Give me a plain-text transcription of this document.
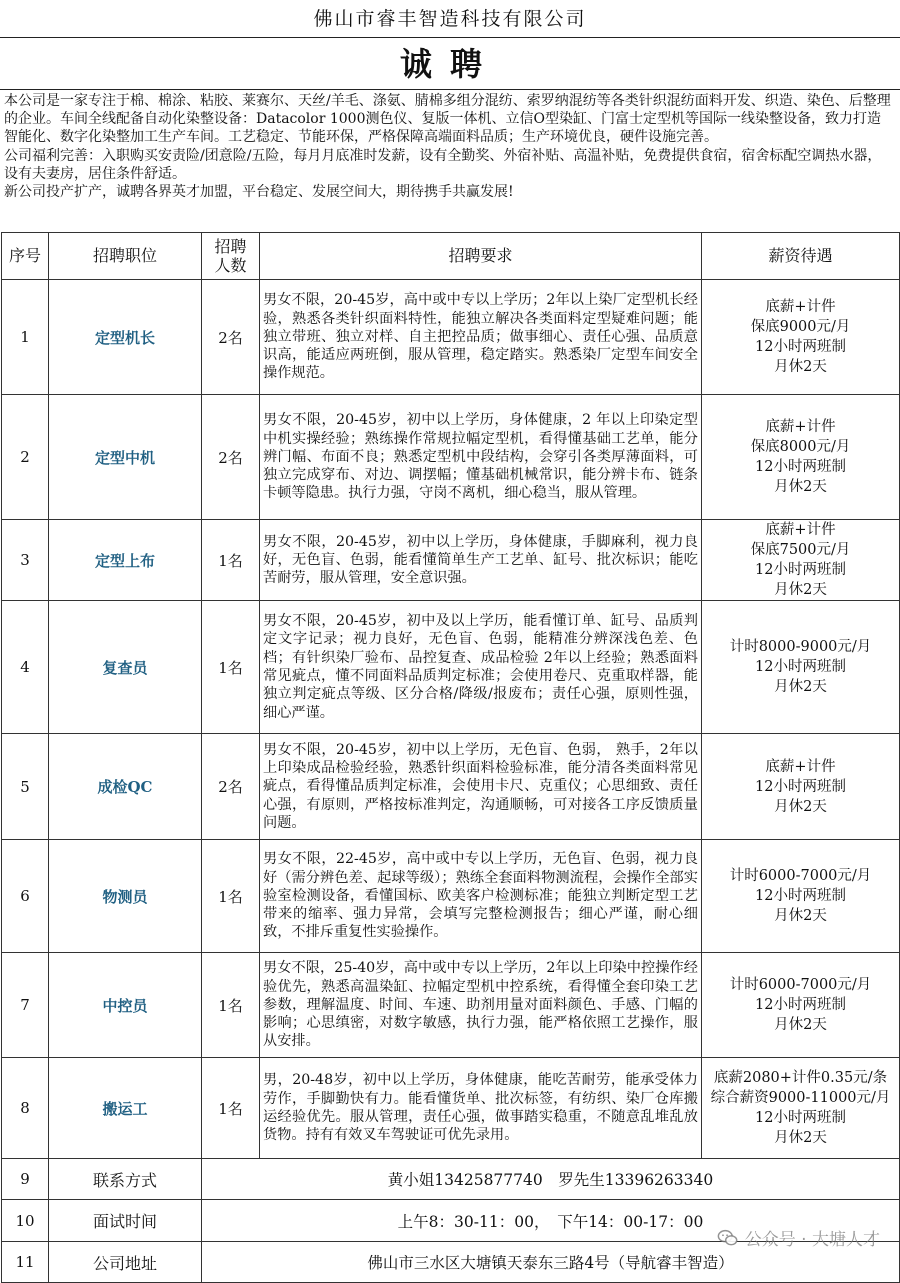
佛山市睿丰智造科技有限公司
诚聘

本公司是一家专注于棉、棉涂、粘胶、莱赛尔、天丝/羊毛、涤氨、腈棉多组分混纺、索罗纳混纺等各类针织混纺面料开发、织造、染色、后整理的企业。车间全线配备自动化染整设备：Datacolor 1000测色仪、复版一体机、立信O型染缸、门富士定型机等国际一线染整设备，致力打造智能化、数字化染整加工生产车间。工艺稳定、节能环保，严格保障高端面料品质；生产环境优良，硬件设施完善。

公司福利完善：入职购买安责险/团意险/五险，每月月底准时发薪，设有全勤奖、外宿补贴、高温补贴，免费提供食宿，宿舍标配空调热水器，设有夫妻房，居住条件舒适。

新公司投产扩产，诚聘各界英才加盟，平台稳定、发展空间大，期待携手共赢发展!

序号	招聘职位	招聘人数	招聘要求	薪资待遇
1	定型机长	2名	男女不限，20-45岁，高中或中专以上学历；2年以上染厂定型机长经验，熟悉各类针织面料特性，能独立解决各类面料定型疑难问题；能独立带班、独立对样、自主把控品质；做事细心、责任心强、品质意识高，能适应两班倒，服从管理，稳定踏实。熟悉染厂定型车间安全操作规范。	底薪+计件
保底9000元/月
12小时两班制
月休2天

2	定型中机	2名	男女不限，20-45岁，初中以上学历，身体健康，2 年以上印染定型中机实操经验；熟练操作常规拉幅定型机，看得懂基础工艺单，能分辨门幅、布面不良；熟悉定型机中段结构，会穿引各类厚薄面料，可独立完成穿布、对边、调摆幅；懂基础机械常识，能分辨卡布、链条卡顿等隐患。执行力强，守岗不离机，细心稳当，服从管理。	底薪+计件
保底8000元/月
12小时两班制
月休2天

3	定型上布	1名	男女不限，20-45岁，初中以上学历，身体健康，手脚麻利，视力良好，无色盲、色弱，能看懂简单生产工艺单、缸号、批次标识；能吃苦耐劳，服从管理，安全意识强。	底薪+计件
保底7500元/月
12小时两班制
月休2天

4	复查员	1名	男女不限，20-45岁，初中及以上学历，能看懂订单、缸号、品质判定文字记录；视力良好，无色盲、色弱，能精准分辨深浅色差、色档；有针织染厂验布、品控复查、成品检验 2年以上经验；熟悉面料常见疵点，懂不同面料品质判定标准；会使用卷尺、克重取样器，能独立判定疵点等级、区分合格/降级/报废布；责任心强，原则性强，细心严谨。	计时8000-9000元/月
12小时两班制
月休2天

5	成检QC	2名	男女不限，20-45岁，初中以上学历，无色盲、色弱， 熟手，2年以上印染成品检验经验，熟悉针织面料检验标准，能分清各类面料常见疵点，看得懂品质判定标准，会使用卡尺、克重仪；心思细致、责任心强，有原则，严格按标准判定，沟通顺畅，可对接各工序反馈质量问题。	底薪+计件
12小时两班制
月休2天

6	物测员	1名	男女不限，22-45岁，高中或中专以上学历，无色盲、色弱，视力良好（需分辨色差、起球等级）；熟练全套面料物测流程，会操作全部实验室检测设备，看懂国标、欧美客户检测标准；能独立判断定型工艺带来的缩率、强力异常，会填写完整检测报告；细心严谨，耐心细致，不排斥重复性实验操作。	计时6000-7000元/月
12小时两班制
月休2天

7	中控员	1名	男女不限，25-40岁，高中或中专以上学历，2年以上印染中控操作经验优先，熟悉高温染缸、拉幅定型机中控系统，看得懂全套印染工艺参数，理解温度、时间、车速、助剂用量对面料颜色、手感、门幅的影响；心思缜密，对数字敏感，执行力强，能严格依照工艺操作，服从安排。	计时6000-7000元/月
12小时两班制
月休2天

8	搬运工	1名	男，20-48岁，初中以上学历，身体健康，能吃苦耐劳，能承受体力劳作，手脚勤快有力。能看懂货单、批次标签，有纺织、染厂仓库搬运经验优先。服从管理，责任心强，做事踏实稳重，不随意乱堆乱放货物。持有有效叉车驾驶证可优先录用。	底薪2080+计件0.35元/条
综合薪资9000-11000元/月
12小时两班制
月休2天

9	联系方式	黄小姐13425877740　罗先生13396263340		
10	面试时间	上午8：30-11：00，　下午14：00-17：00		
11	公司地址	佛山市三水区大塘镇天泰东三路4号（导航睿丰智造）		
公众号 · 大塘人才
